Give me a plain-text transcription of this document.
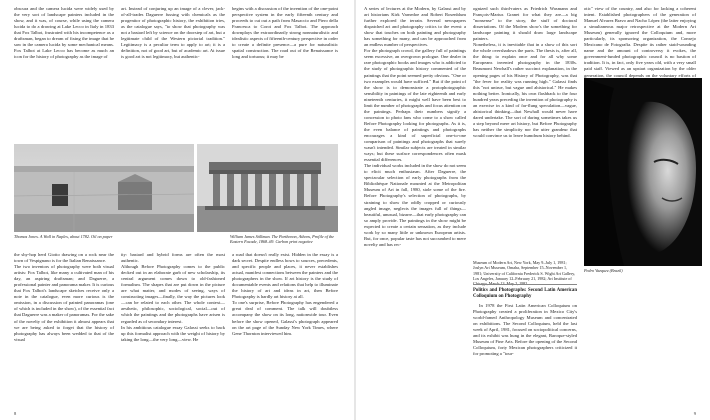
obscura and the camera lucida were widely used by the very sort of landscape painters included in the show, and it was, of course, while using the camera lucida to do a drawing at Lake Lecco in Italy in 1833 that Fox Talbot, frustrated with his incompetence as a draftsman, began to dream of fixing the image that he saw in the camera lucida by some mechanical means. Fox Talbot at Lake Lecco has become as much an icon for the history of photography as the image of

art. Instead of conjuring up an image of a clever, jack-of-all-trades Daguerre fussing with chemicals as the progenitor of photographic history, the exhibition tries, as the catalogue says, "to show that photography was not a bastard left by science on the doorstep of art, but a legitimate child of the Western pictorial tradition." Legitimacy is a peculiar term to apply to art; it is a definition, not of good art, but of academic art. At issue is good art is not legitimacy, but authentic-

begins with a discussion of the invention of the one-point perspective system in the early fifteenth century and proceeds to cut out a path from Masaccio and Piero della Francesca to Corot and Fox Talbot. The approach downplays the extraordinarily strong nonnaturalistic and idealistic aspects of fifteenth-century perspective in order to create a definite presence—a pure for naturalistic spatial construction. The road out of the Renaissance is long and tortuous; it may be

Thomas Jones. A Wall in Naples, about 1782. Oil on paper	William James Stillman. The Parthenon, Athens, Profile of the Eastern Facade, 1868–69. Carbon print negative

the shy-hop herd Giotto drawing on a rock near the town of Vespignano is for the Italian Renaissance.
The two inventors of photography were both visual artists: Fox Talbot, like many a cultivated man of his day, an aspiring draftsman; and Daguerre, a professional painter and panorama maker. It is curious that Fox Talbot's landscape sketches receive only a note in the catalogue, even more curious is the omission, in a discussion of painted panoramas (one of which is included in the show), of the essential fact that Daguerre was a maker of panoramas. For the sake of the novelty of the exhibition it almost appears that we are being asked to forget that the history of photography has always been wedded to that of the visual

ity: bastard and hybrid forms are often the most authentic.
Although Before Photography comes to the public decked out in an elaborate garb of new scholarship, its central argument comes down to old-fashioned formalism. The shapes that are put down in the picture are what matter, and modes of seeing, ways of constructing images—finally, the way the pictures look—can be related to each other. The whole context—aesthetic, philosophic, sociological, social—out of which the paintings and the photographs have arisen is regarded as of secondary interest.
In his ambitious catalogue essay Galassi seeks to back up this formalist approach with the weight of history by taking the long—the very long—view. He

a road that doesn't really exist. Hidden in the essay is a dark secret. Despite endless bows to sources, precedents, and specific people and places, it never establishes actual, manifest connections between the painters and the photographers in the show. If art history is the study of documentable events and relations that help to illuminate the history of art and ideas in art, then Before Photography is hardly art history at all.
To one's surprise, Before Photography has engendered a great deal of comment. The talk will doubtless accompany the show on its long, nationwide tour. Even before the show opened, Galassi's photograph appeared on the art page of the Sunday New York Times, where Gene Thornton interviewed him.

8

A series of lectures at the Modern, by Galassi and by art historians Kirk Varnedoe and Robert Rosenblum further explored the terrain. Several newspapers dispatched art and photography critics to the event: a show that touches on both painting and photography has something for many, and can be approached from an endless number of perspectives.
For the photograph crowd, the gallery full of paintings seem excessive, an overgrown prologue. One dealer in rare photographic books and images who is addicted to the study of photographic history commented of the paintings that the point seemed pretty obvious. "One or two examples would have sufficed." But if the point of the show is to demonstrate a protophotographic sensibility in paintings of the late eighteenth and early nineteenth centuries, it might well have been best to limit the number of photographs and focus attention on the paintings. Perhaps their numbers signify a concession to photo fans who come to a show called Before Photography looking for photographs. As it is, the even balance of paintings and photographs encourages a kind of superficial one-to-one comparison of paintings and photographs that surely wasn't intended. Similar subjects are treated in similar ways; but these surface correspondences often mask essential differences.
The individual works included in the show do not seem to elicit much enthusiasm. After Daguerre, the spectacular selection of early photographs from the Bibliothèque Nationale mounted at the Metropolitan Museum of Art in fall, 1980, stole some of the fire. Before Photography's selection of photographs, by straining to show the oddly cropped or curiously angled image, neglects the images full of things—beautiful, unusual, bizarre—that early photography can so amply provide. The paintings in the show might be expected to create a certain sensation, as they include work by so many little or unknown European artists. But, for once, popular taste has not succumbed to mere novelty and has rec-

ognized such third-raters as Friedrich Wasmann and François-Marius Granet for what they are—a big "nonsense" to the story, the stuff of doctoral dissertations. Of the Modern show's the something for landscape painting it should draw large landscape painters.
Nonetheless, it is inevitable that in a show of this sort the whole overshadows the parts. The thesis is, after all, the thing: to explain once and for all why some Europeans invented photography in the 1830s. Beaumont Newhall's rather succinct explanation, in the opening pages of his History of Photography, was that "the fever for reality was running high." Galassi finds this "not untrue, but vague and ahistorical." He makes nothing better. Ironically, his own flashback to the four hundred years preceding the invention of photography is an exercise in a kind of far-flung speculation—vague, ahistorical thinking—that Newhall would never have dared undertake. The sort of daring sometimes takes us a step beyond mere art history, but Before Photography has neither the simplicity nor the utter grandeur that would convince us to leave humdrum history behind.

Museum of Modern Art, New York, May 9–July 1, 1981; Joslyn Art Museum, Omaha, September 15–November 1, 1981; University of California Frederick S. Wight Art Gallery, Los Angeles, January 12–February 21, 1982; Art Institute of

Politics and Photographs: Second Latin American Colloquium on Photography

In 1978 the First Latin American Colloquium on Photography created a proliferation in Mexico City's world-famed Anthropology Museum and concentrated on exhibitions. The Second Colloquium, held the last week of April, 1981, focused on sociopolitical concerns, and its exhibit was hung in the elegant, Baroque-styled Museum of Fine Arts. Before the opening of the Second Colloquium, forty Mexican photographers criticized it for promoting a "tour-

otic" view of the country, and also for lacking a coherent intent. Established photographers of the generation of Manuel Alvarez Bravo and Nacho López (the latter enjoying a simultaneous major retrospective at the Modern Art Museum) generally ignored the Colloquium and, more particularly, its sponsoring organization, the Consejo Mexicano de Fotografía. Despite its rather staid-sounding name and the amount of controversy it evokes, the government-funded photographic council is no bastion of tradition. It is, in fact, only five years old, with a very small paid staff. Viewed as an upstart organization by the older generation, the council depends on the voluntary efforts of

Pedro Vazquez (Brazil)
9
